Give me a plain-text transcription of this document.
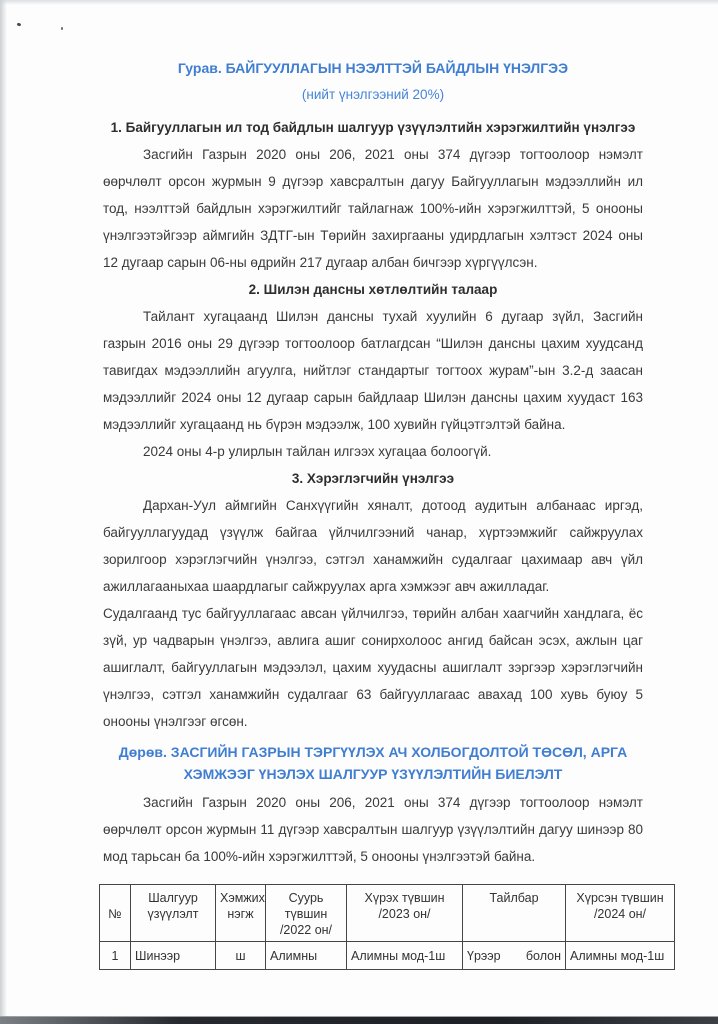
Гурав. БАЙГУУЛЛАГЫН НЭЭЛТТЭЙ БАЙДЛЫН ҮНЭЛГЭЭ
(нийт үнэлгээний 20%)
1. Байгууллагын ил тод байдлын шалгуур үзүүлэлтийн хэрэгжилтийн үнэлгээ

Засгийн Газрын 2020 оны 206, 2021 оны 374 дүгээр тогтоолоор нэмэлт өөрчлөлт орсон журмын 9 дүгээр хавсралтын дагуу Байгууллагын мэдээллийн ил тод, нээлттэй байдлын хэрэгжилтийг тайлагнаж 100%-ийн хэрэгжилттэй, 5 онооны үнэлгээтэйгээр аймгийн ЗДТГ-ын Төрийн захиргааны удирдлагын хэлтэст 2024 оны 12 дугаар сарын 06-ны өдрийн 217 дугаар албан бичгээр хүргүүлсэн.

2. Шилэн дансны хөтлөлтийн талаар

Тайлант хугацаанд Шилэн дансны тухай хуулийн 6 дугаар зүйл, Засгийн газрын 2016 оны 29 дүгээр тогтоолоор батлагдсан “Шилэн дансны цахим хуудсанд тавигдах мэдээллийн агуулга, нийтлэг стандартыг тогтоох журам”-ын 3.2-д заасан мэдээллийг 2024 оны 12 дугаар сарын байдлаар Шилэн дансны цахим хуудаст 163 мэдээллийг хугацаанд нь бүрэн мэдээлж, 100 хувийн гүйцэтгэлтэй байна.

2024 оны 4-р улирлын тайлан илгээх хугацаа болоогүй.

3. Хэрэглэгчийн үнэлгээ

Дархан-Уул аймгийн Санхүүгийн хяналт, дотоод аудитын албанаас иргэд, байгууллагуудад үзүүлж байгаа үйлчилгээний чанар, хүртээмжийг сайжруулах зорилгоор хэрэглэгчийн үнэлгээ, сэтгэл ханамжийн судалгааг цахимаар авч үйл ажиллагааныхаа шаардлагыг сайжруулах арга хэмжээг авч ажилладаг.

Судалгаанд тус байгууллагаас авсан үйлчилгээ, төрийн албан хаагчийн хандлага, ёс зүй, ур чадварын үнэлгээ, авлига ашиг сонирхолоос ангид байсан эсэх, ажлын цаг ашиглалт, байгууллагын мэдээлэл, цахим хуудасны ашиглалт зэргээр хэрэглэгчийн үнэлгээ, сэтгэл ханамжийн судалгааг 63 байгууллагаас авахад 100 хувь буюу 5 онооны үнэлгээг өгсөн.

Дөрөв. ЗАСГИЙН ГАЗРЫН ТЭРГҮҮЛЭХ АЧ ХОЛБОГДОЛТОЙ ТӨСӨЛ, АРГА ХЭМЖЭЭГ ҮНЭЛЭХ ШАЛГУУР ҮЗҮҮЛЭЛТИЙН БИЕЛЭЛТ

Засгийн Газрын 2020 оны 206, 2021 оны 374 дүгээр тогтоолоор нэмэлт өөрчлөлт орсон журмын 11 дүгээр хавсралтын шалгуур үзүүлэлтийн дагуу шинээр 80 мод тарьсан ба 100%-ийн хэрэгжилттэй, 5 онооны үнэлгээтэй байна.

№	Шалгуур үзүүлэлт	Хэмжих нэгж	Суурь түвшин /2022 он/	Хүрэх түвшин /2023 он/	Тайлбар	Хүрсэн түвшин /2024 он/
1	Шинээр	ш	Алимны	Алимны мод-1ш	Үрээр болон	Алимны мод-1ш
